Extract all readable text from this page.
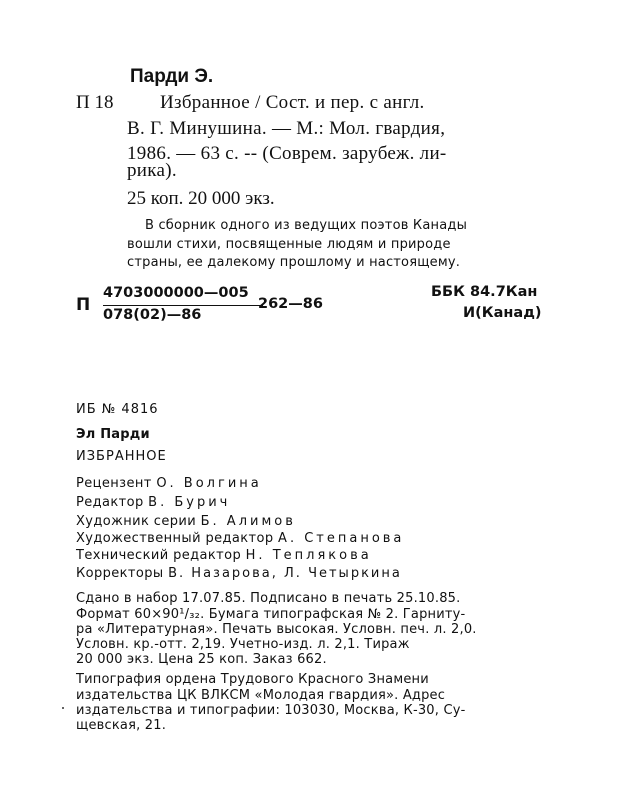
Парди Э.
П 18 Избранное / Сост. и пер. с англ.
В. Г. Минушина. — М.: Мол. гвардия,
1986. — 63 с. -- (Соврем. зарубеж. ли-
рика).
25 коп. 20 000 экз.
В сборник одного из ведущих поэтов Канады
вошли стихи, посвященные людям и природе
страны, ее далекому прошлому и настоящему.
П
4703000000—005
078(02)—86
262—86
ББК 84.7Кан
И(Канад)
ИБ № 4816
Эл Парди
ИЗБРАННОЕ
Рецензент О. Волгина
Редактор В. Бурич
Художник серии Б. Алимов
Художественный редактор А. Степанова
Технический редактор Н. Теплякова
Корректоры В. Назарова, Л. Четыркина
Сдано в набор 17.07.85. Подписано в печать 25.10.85.
Формат 60×90¹/₃₂. Бумага типографская № 2. Гарниту-
ра «Литературная». Печать высокая. Условн. печ. л. 2,0.
Условн. кр.-отт. 2,19. Учетно-изд. л. 2,1. Тираж
20 000 экз. Цена 25 коп. Заказ 662.
Типография ордена Трудового Красного Знамени
издательства ЦК ВЛКСМ «Молодая гвардия». Адрес
издательства и типографии: 103030, Москва, К-30, Су-
щевская, 21.
